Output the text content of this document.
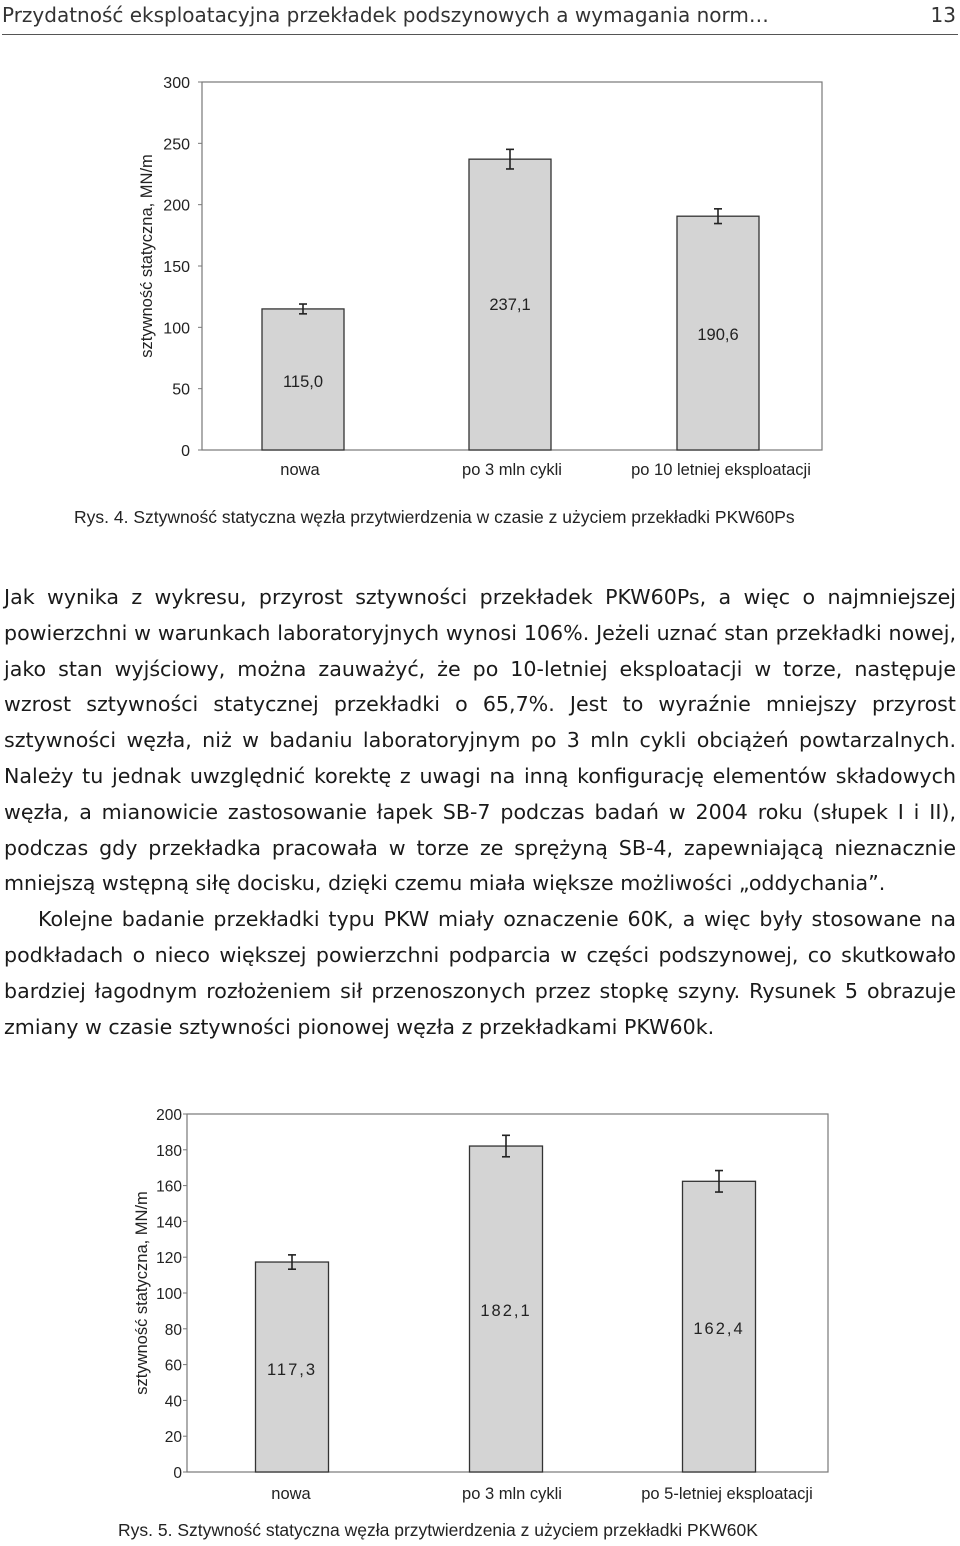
Przydatność eksploatacyjna przekładek podszynowych a wymagania norm…	13
0
50
100
150
200
250
300
sztywność statyczna, MN/m
115,0
nowa
237,1
po 3 mln cykli
190,6
po 10 letniej eksploatacji
Rys. 4. Sztywność statyczna węzła przytwierdzenia w czasie z użyciem przekładki PKW60Ps

Jak wynika z wykresu, przyrost sztywności przekładek PKW60Ps, a więc o najmniejszej powierzchni w warunkach laboratoryjnych wynosi 106%. Jeżeli uznać stan przekładki nowej, jako stan wyjściowy, można zauważyć, że po 10-letniej eksploatacji w torze, następuje wzrost sztywności statycznej przekładki o 65,7%. Jest to wyraźnie mniejszy przyrost sztywności węzła, niż w badaniu laboratoryjnym po 3 mln cykli obciążeń powtarzalnych. Należy tu jednak uwzględnić korektę z uwagi na inną konfigurację elementów składowych węzła, a mianowicie zastosowanie łapek SB-7 podczas badań w 2004 roku (słupek I i II), podczas gdy przekładka pracowała w torze ze sprężyną SB-4, zapewniającą nieznacznie mniejszą wstępną siłę docisku, dzięki czemu miała większe możliwości „oddychania”.

Kolejne badanie przekładki typu PKW miały oznaczenie 60K, a więc były stosowane na podkładach o nieco większej powierzchni podparcia w części podszynowej, co skutkowało bardziej łagodnym rozłożeniem sił przenoszonych przez stopkę szyny. Rysunek 5 obrazuje zmiany w czasie sztywności pionowej węzła z przekładkami PKW60k.

0
20
40
60
80
100
120
140
160
180
200
sztywność statyczna, MN/m	117,3
nowa
182,1
po 3 mln cykli
162,4
po 5-letniej eksploatacji
Rys. 5. Sztywność statyczna węzła przytwierdzenia z użyciem przekładki PKW60K
